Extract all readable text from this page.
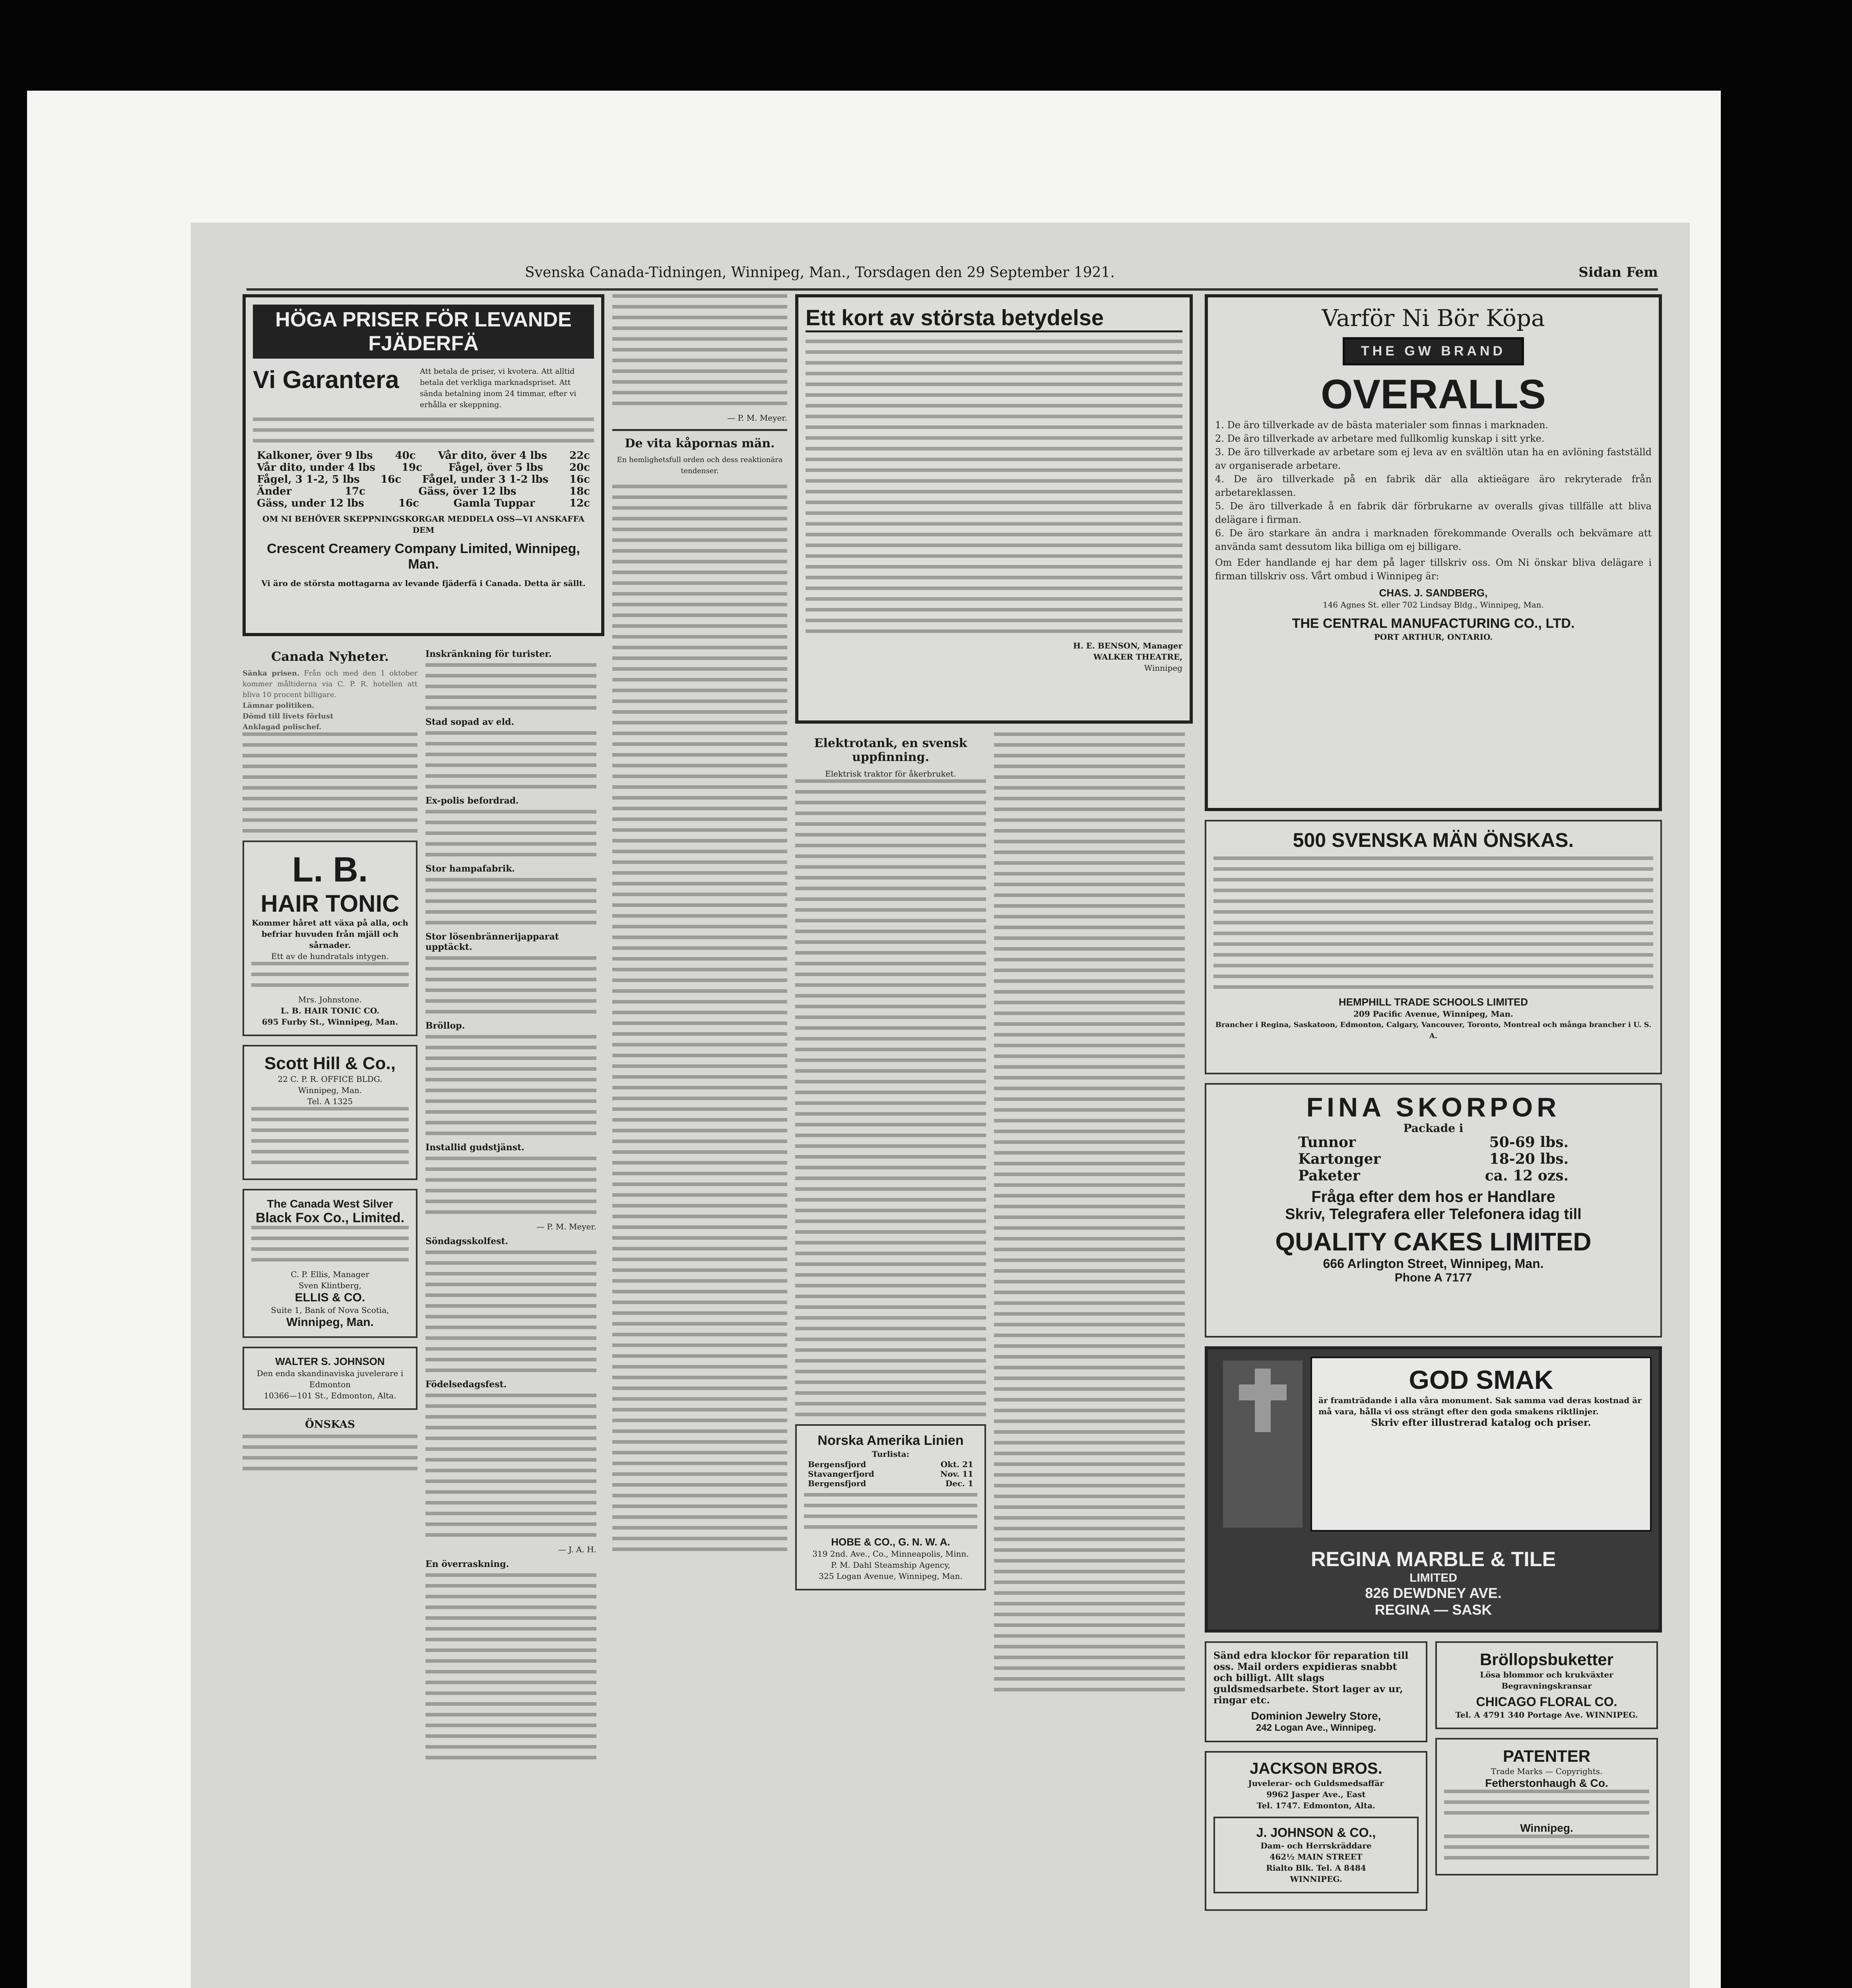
Svenska Canada-Tidningen, Winnipeg, Man., Torsdagen den 29 September 1921.	Sidan Fem
HÖGA PRISER FÖR LEVANDE FJÄDERFÄ
Vi Garantera	Att betala de priser, vi kvotera. Att alltid betala det verkliga marknadspriset. Att sända betalning inom 24 timmar, efter vi erhålla er skeppning.
Kalkoner, över 9 lbs 40c Vår dito, över 4 lbs 22c
Vår dito, under 4 lbs	19c	Fågel, över 5 lbs	20c
Fågel, 3 1-2, 5 lbs 16c Fågel, under 3 1-2 lbs 16c
Änder	17c	Gäss, över 12 lbs	18c
Gäss, under 12 lbs	16c	Gamla Tuppar	12c
OM NI BEHÖVER SKEPPNINGSKORGAR MEDDELA OSS—VI ANSKAFFA DEM
Crescent Creamery Company Limited, Winnipeg, Man.
Vi äro de största mottagarna av levande fjäderfä i Canada. Detta är sällt.
Canada Nyheter.
Sänka prisen. Från och med den 1 oktober kommer måltiderna via C. P. R. hotellen att bliva 10 procent billigare.
Lämnar politiken.
Dömd till livets förlust
Anklagad polischef.
L. B.
HAIR TONIC
Kommer håret att växa på alla, och befriar huvuden från mjäll och sårnader.
Ett av de hundratals intygen.
Mrs. Johnstone.
L. B. HAIR TONIC CO.
695 Furby St., Winnipeg, Man.
Scott Hill & Co.,
22 C. P. R. OFFICE BLDG.
Winnipeg, Man.
Tel. A 1325
The Canada West Silver
Black Fox Co., Limited.
C. P. Ellis, Manager
Sven Klintberg,
ELLIS & CO.
Suite 1, Bank of Nova Scotia,
Winnipeg, Man.
WALTER S. JOHNSON
Den enda skandinaviska juvelerare i Edmonton
10366—101 St., Edmonton, Alta.
ÖNSKAS
Inskränkning för turister.
Stad sopad av eld.
Ex-polis befordrad.
Stor hampafabrik.
Stor lösenbrännerijapparat upptäckt.
Bröllop.
Installid gudstjänst.
— P. M. Meyer.
Söndagsskolfest.
Födelsedagsfest.
— J. A. H.
En överraskning.
— P. M. Meyer.
De vita kåpornas män.
En hemlighetsfull orden och dess reaktionära tendenser.
Ett kort av största betydelse
H. E. BENSON, Manager
WALKER THEATRE,
Winnipeg
Elektrotank, en svensk uppfinning.
Elektrisk traktor för åkerbruket.
Norska Amerika Linien
Turlista:
Bergensfjord	Okt. 21
Stavangerfjord	Nov. 11
Bergensfjord	Dec. 1
HOBE & CO., G. N. W. A.
319 2nd. Ave., Co., Minneapolis, Minn.
P. M. Dahl Steamship Agency,
325 Logan Avenue, Winnipeg, Man.
Varför Ni Bör Köpa
THE GW BRAND
OVERALLS
1. De äro tillverkade av de bästa materialer som finnas i marknaden.
2. De äro tillverkade av arbetare med fullkomlig kunskap i sitt yrke.
3. De äro tillverkade av arbetare som ej leva av en svältlön utan ha en avlöning fastställd av organiserade arbetare.
4. De äro tillverkade på en fabrik där alla aktieägare äro rekryterade från arbetareklassen.
5. De äro tillverkade å en fabrik där förbrukarne av overalls givas tillfälle att bliva delägare i firman.
6. De äro starkare än andra i marknaden förekommande Overalls och bekvämare att använda samt dessutom lika billiga om ej billigare.
Om Eder handlande ej har dem på lager tillskriv oss. Om Ni önskar bliva delägare i firman tillskriv oss. Vårt ombud i Winnipeg är:
CHAS. J. SANDBERG,
146 Agnes St. eller 702 Lindsay Bldg., Winnipeg, Man.
THE CENTRAL MANUFACTURING CO., LTD.
PORT ARTHUR, ONTARIO.
500 SVENSKA MÄN ÖNSKAS.
HEMPHILL TRADE SCHOOLS LIMITED
209 Pacific Avenue, Winnipeg, Man.
Brancher i Regina, Saskatoon, Edmonton, Calgary, Vancouver, Toronto, Montreal och många brancher i U. S. A.
FINA SKORPOR
Packade i
Tunnor	50-69 lbs.
Kartonger	18-20 lbs.
Paketer	ca. 12 ozs.
Fråga efter dem hos er Handlare
Skriv, Telegrafera eller Telefonera idag till
QUALITY CAKES LIMITED
666 Arlington Street, Winnipeg, Man.
Phone A 7177
GOD SMAK
är framträdande i alla våra monument. Sak samma vad deras kostnad är må vara, hålla vi oss strängt efter den goda smakens riktlinjer.
Skriv efter illustrerad katalog och priser.
REGINA MARBLE & TILE
LIMITED
826 DEWDNEY AVE.
REGINA — SASK
Sänd edra klockor för reparation till oss. Mail orders expidieras snabbt och billigt. Allt slags guldsmedsarbete. Stort lager av ur, ringar etc.
Dominion Jewelry Store,
242 Logan Ave., Winnipeg.
JACKSON BROS.
Juvelerar- och Guldsmedsaffär
9962 Jasper Ave., East
Tel. 1747. Edmonton, Alta.
J. JOHNSON & CO.,
Dam- och Herrskräddare
462½ MAIN STREET
Rialto Blk. Tel. A 8484
WINNIPEG.
Bröllopsbuketter
Lösa blommor och krukväxter Begravningskransar
CHICAGO FLORAL CO.
Tel. A 4791 340 Portage Ave. WINNIPEG.
PATENTER
Trade Marks — Copyrights.
Fetherstonhaugh & Co.
Winnipeg.
